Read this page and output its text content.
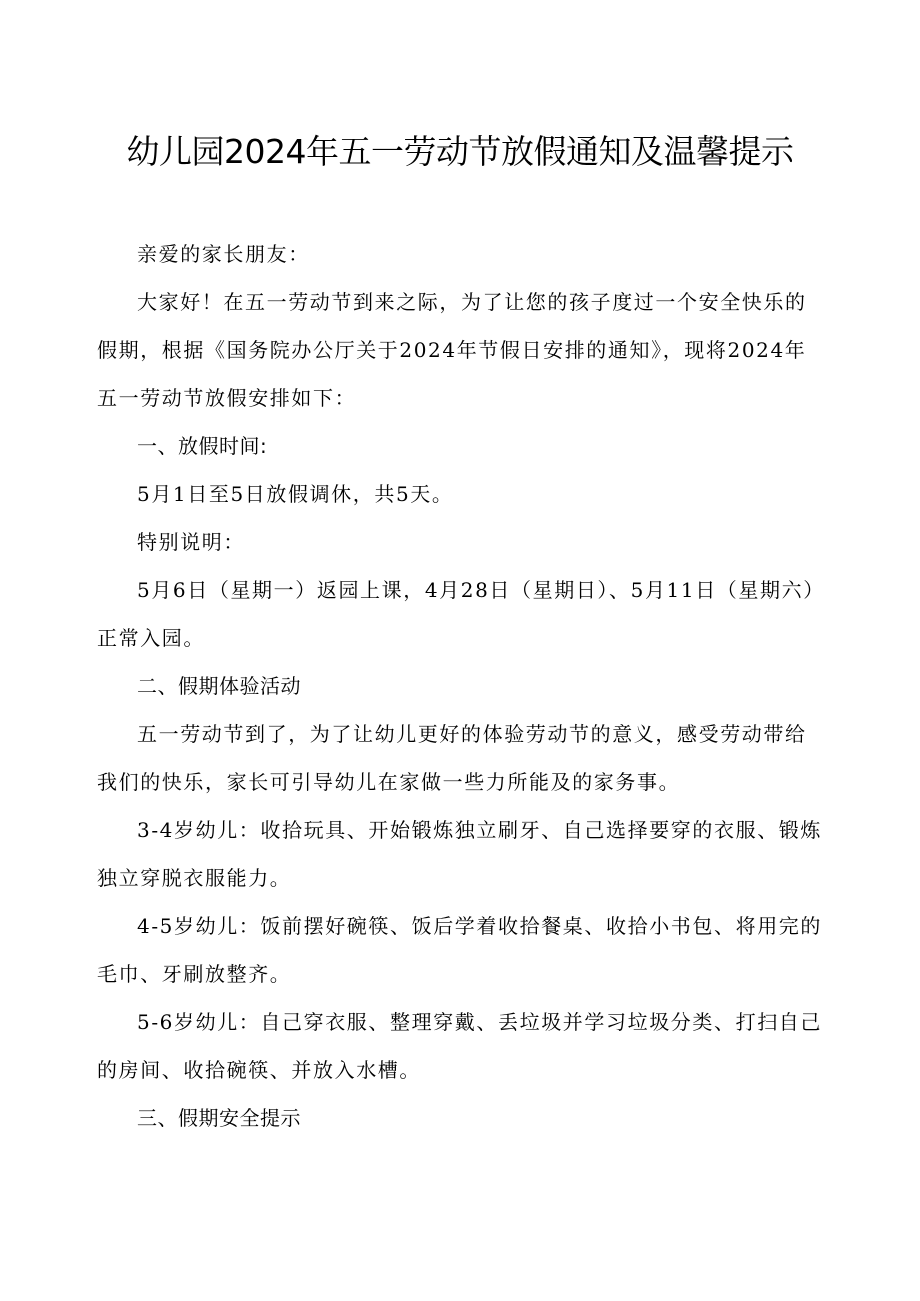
幼儿园2024年五一劳动节放假通知及温馨提示

亲爱的家长朋友：

大家好！在五一劳动节到来之际，为了让您的孩子度过一个安全快乐的假期，根据《国务院办公厅关于2024年节假日安排的通知》，现将2024年五一劳动节放假安排如下：

一、放假时间:

5月1日至5日放假调休，共5天。

特别说明：

5月6日（星期一）返园上课，4月28日（星期日）、5月11日（星期六）正常入园。

二、假期体验活动

五一劳动节到了，为了让幼儿更好的体验劳动节的意义，感受劳动带给我们的快乐，家长可引导幼儿在家做一些力所能及的家务事。

3-4岁幼儿：收拾玩具、开始锻炼独立刷牙、自己选择要穿的衣服、锻炼独立穿脱衣服能力。

4-5岁幼儿：饭前摆好碗筷、饭后学着收拾餐桌、收拾小书包、将用完的毛巾、牙刷放整齐。

5-6岁幼儿：自己穿衣服、整理穿戴、丢垃圾并学习垃圾分类、打扫自己的房间、收拾碗筷、并放入水槽。

三、假期安全提示
